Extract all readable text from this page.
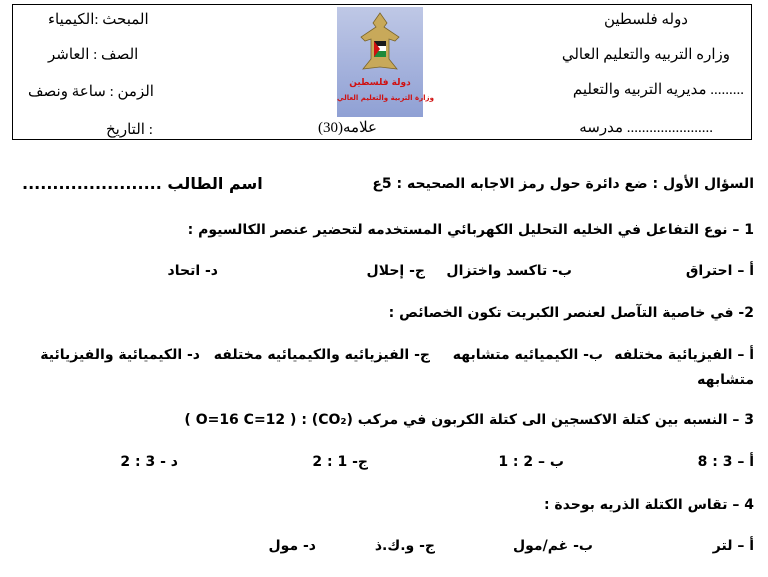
دوله فلسطين
وزاره التربيه والتعليم العالي
مديريه التربيه والتعليم .........
مدرسه .......................
المبحث :الكيمياء
الصف : العاشر
الزمن : ساعة ونصف
التاريخ :	(30)علامه
دولة فلسطين
وزارة التربية والتعليم العالي
السؤال الأول : ضع دائرة حول رمز الاجابه الصحيحه : 5ع
اسم الطالب .......................
1 – نوع التفاعل في الخليه التحليل الكهربائي المستخدمه لتحضير عنصر الكالسيوم :
أ – احتراق
ب- تاكسد واختزال
ج- إحلال
د- اتحاد
2- في خاصية التآصل لعنصر الكبريت تكون الخصائص :
أ – الفيزيائية مختلفه
ب- الكيميائيه متشابهه
ج- الفيزيائيه والكيميائيه مختلفه
د- الكيميائية والفيزيائية
متشابهه
3 – النسبه بين كتلة الاكسجين الى كتلة الكربون في مركب (CO₂) : ( O=16 C=12 )
أ – 3 : 8
ب – 2 : 1
ج- 1 : 2
د - 3 : 2
4 – تقاس الكتلة الذريه بوحدة :
أ – لتر
ب- غم/مول
ج- و.ك.ذ
د- مول
